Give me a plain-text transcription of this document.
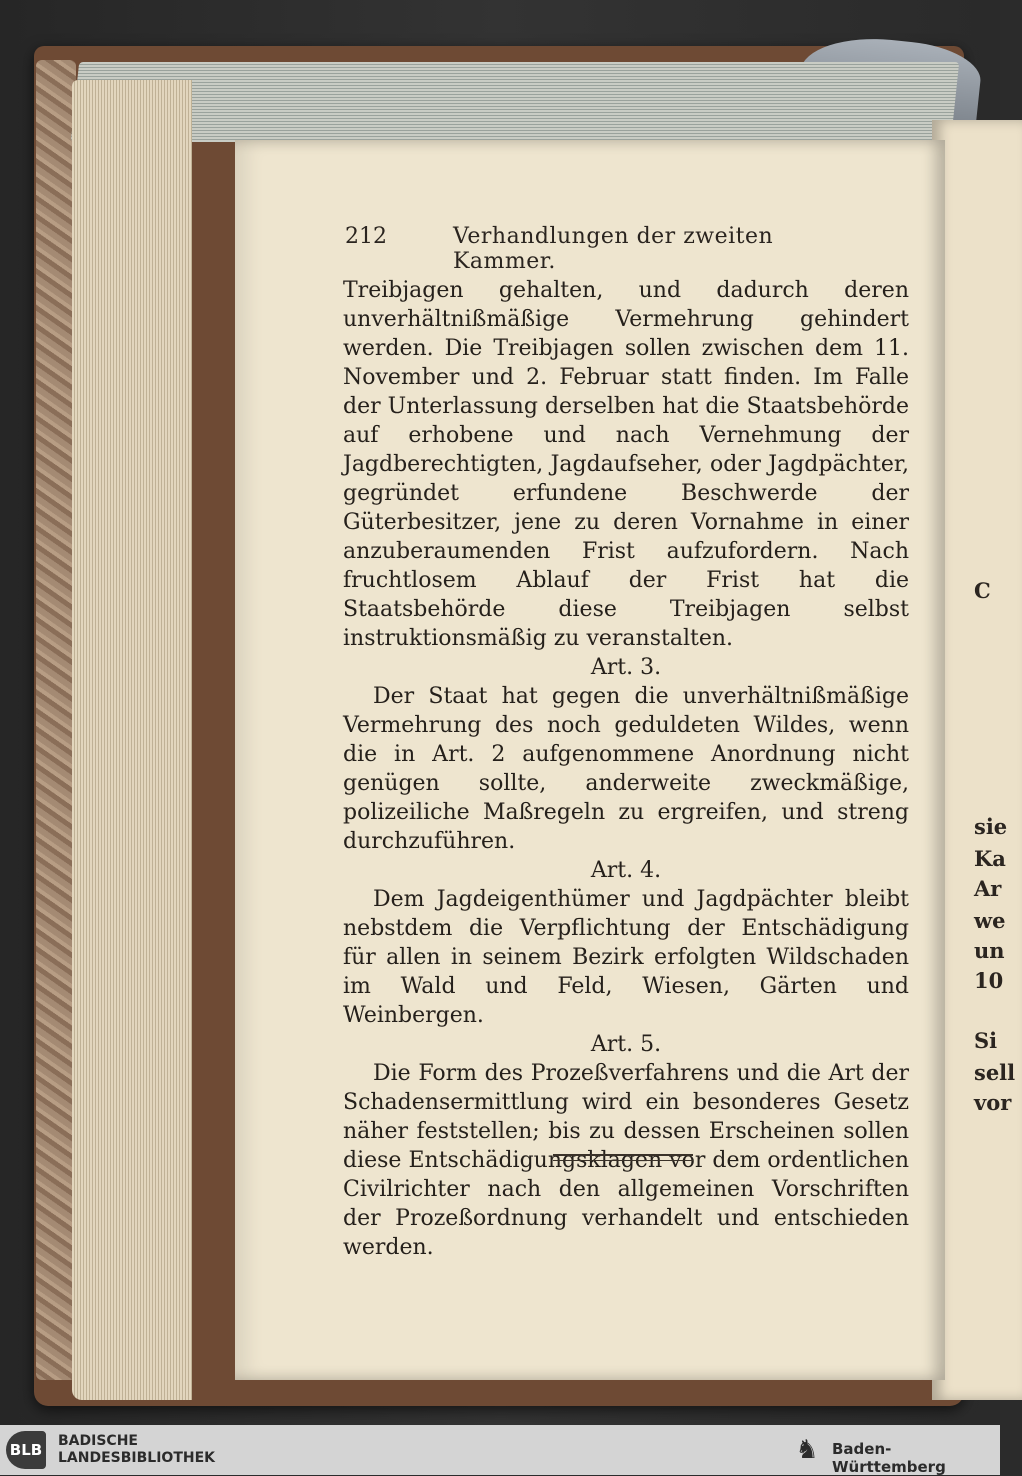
C
sie
Ka
Ar
we
un
10
Si
sell
vor
212	Verhandlungen der zweiten Kammer.

Treibjagen gehalten, und dadurch deren unverhältnißmäßige Vermehrung gehindert werden. Die Treibjagen sollen zwischen dem 11. November und 2. Februar statt finden. Im Falle der Unterlassung derselben hat die Staatsbehörde auf erhobene und nach Vernehmung der Jagdberechtigten, Jagdaufseher, oder Jagdpächter, gegründet erfundene Beschwerde der Güterbesitzer, jene zu deren Vornahme in einer anzuberaumenden Frist aufzufordern. Nach fruchtlosem Ablauf der Frist hat die Staatsbehörde diese Treibjagen selbst instruktionsmäßig zu veranstalten.

Art. 3.

Der Staat hat gegen die unverhältnißmäßige Vermehrung des noch geduldeten Wildes, wenn die in Art. 2 aufgenommene Anordnung nicht genügen sollte, anderweite zweckmäßige, polizeiliche Maßregeln zu ergreifen, und streng durchzuführen.

Art. 4.

Dem Jagdeigenthümer und Jagdpächter bleibt nebstdem die Verpflichtung der Entschädigung für allen in seinem Bezirk erfolgten Wildschaden im Wald und Feld, Wiesen, Gärten und Weinbergen.

Art. 5.

Die Form des Prozeßverfahrens und die Art der Schadensermittlung wird ein besonderes Gesetz näher feststellen; bis zu dessen Erscheinen sollen diese Entschädigungsklagen vor dem ordentlichen Civilrichter nach den allgemeinen Vorschriften der Prozeßordnung verhandelt und entschieden werden.

BLB BADISCHE
LANDESBIBLIOTHEK	♞ Baden-Württemberg
